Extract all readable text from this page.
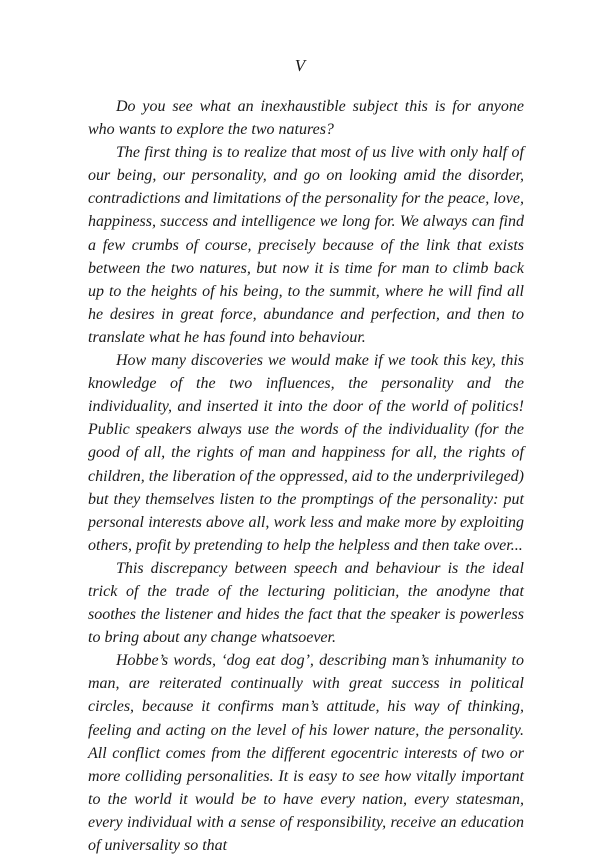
V

Do you see what an inexhaustible subject this is for anyone who wants to explore the two natures?

The first thing is to realize that most of us live with only half of our being, our personality, and go on looking amid the disorder, contradictions and limitations of the personality for the peace, love, happiness, success and intelligence we long for. We always can find a few crumbs of course, precisely because of the link that exists between the two natures, but now it is time for man to climb back up to the heights of his being, to the summit, where he will find all he desires in great force, abundance and perfection, and then to translate what he has found into behaviour.

How many discoveries we would make if we took this key, this knowledge of the two influences, the personality and the individuality, and inserted it into the door of the world of politics! Public speakers always use the words of the individuality (for the good of all, the rights of man and happiness for all, the rights of children, the liberation of the oppressed, aid to the underprivileged) but they themselves listen to the promptings of the personality: put personal interests above all, work less and make more by exploiting others, profit by pretending to help the helpless and then take over...

This discrepancy between speech and behaviour is the ideal trick of the trade of the lecturing politician, the anodyne that soothes the listener and hides the fact that the speaker is powerless to bring about any change whatsoever.

Hobbe’s words, ‘dog eat dog’, describing man’s inhumanity to man, are reiterated continually with great success in political circles, because it confirms man’s attitude, his way of thinking, feeling and acting on the level of his lower nature, the personality. All conflict comes from the different egocentric interests of two or more colliding personalities. It is easy to see how vitally important to the world it would be to have every nation, every statesman, every individual with a sense of responsibility, receive an education of universality so that
